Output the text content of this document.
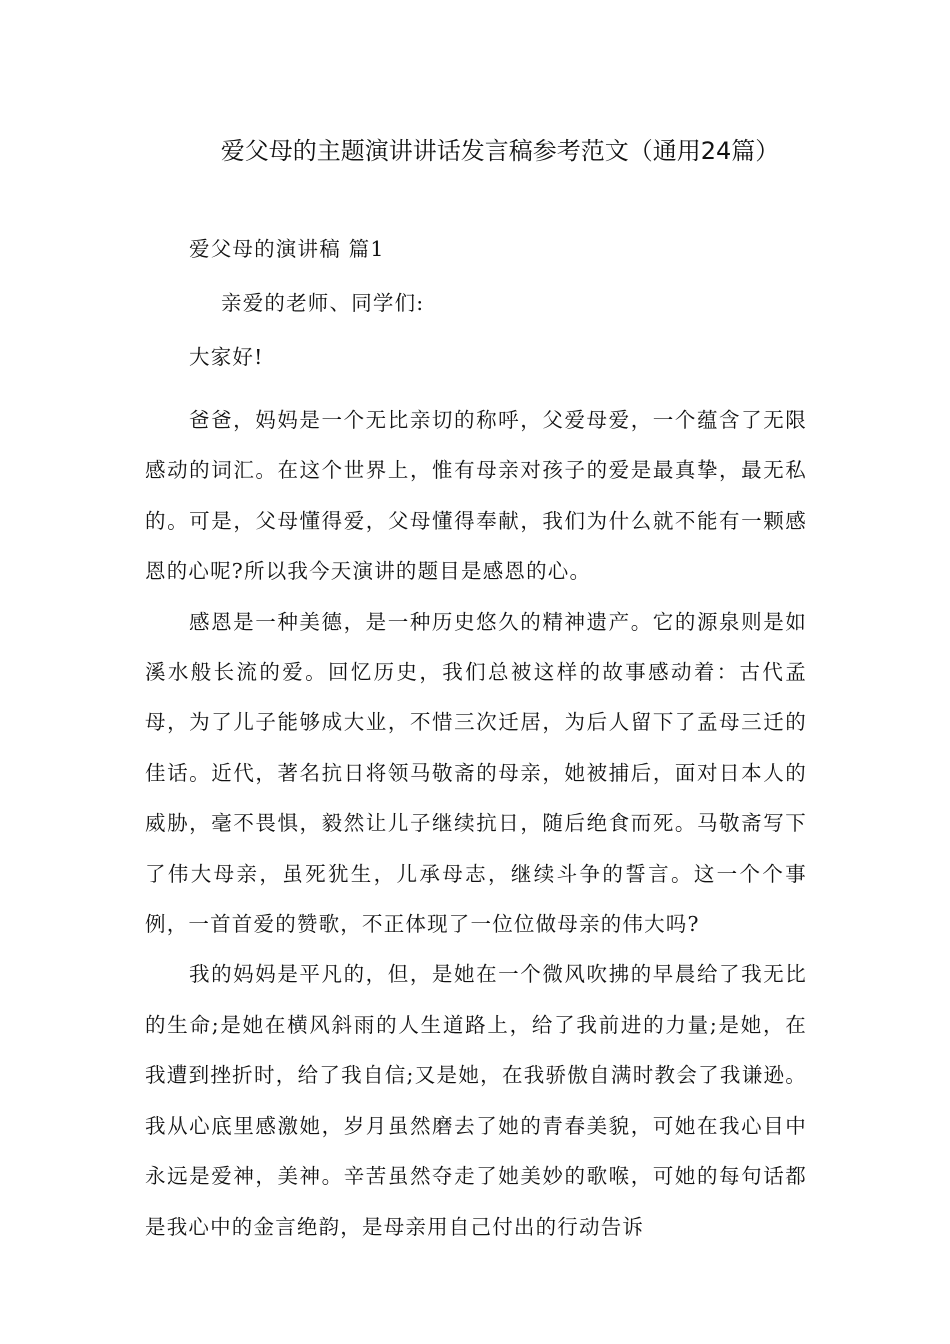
爱父母的主题演讲讲话发言稿参考范文（通用24篇）

爱父母的演讲稿 篇1

亲爱的老师、同学们:

大家好!

爸爸，妈妈是一个无比亲切的称呼，父爱母爱，一个蕴含了无限感动的词汇。在这个世界上，惟有母亲对孩子的爱是最真挚，最无私的。可是，父母懂得爱，父母懂得奉献，我们为什么就不能有一颗感恩的心呢?所以我今天演讲的题目是感恩的心。

感恩是一种美德，是一种历史悠久的精神遗产。它的源泉则是如溪水般长流的爱。回忆历史，我们总被这样的故事感动着：古代孟母，为了儿子能够成大业，不惜三次迁居，为后人留下了孟母三迁的佳话。近代，著名抗日将领马敬斋的母亲，她被捕后，面对日本人的威胁，毫不畏惧，毅然让儿子继续抗日，随后绝食而死。马敬斋写下了伟大母亲，虽死犹生，儿承母志，继续斗争的誓言。这一个个事例，一首首爱的赞歌，不正体现了一位位做母亲的伟大吗?

我的妈妈是平凡的，但，是她在一个微风吹拂的早晨给了我无比的生命;是她在横风斜雨的人生道路上，给了我前进的力量;是她，在我遭到挫折时，给了我自信;又是她，在我骄傲自满时教会了我谦逊。我从心底里感激她，岁月虽然磨去了她的青春美貌，可她在我心目中永远是爱神，美神。辛苦虽然夺走了她美妙的歌喉，可她的每句话都是我心中的金言绝韵，是母亲用自己付出的行动告诉
